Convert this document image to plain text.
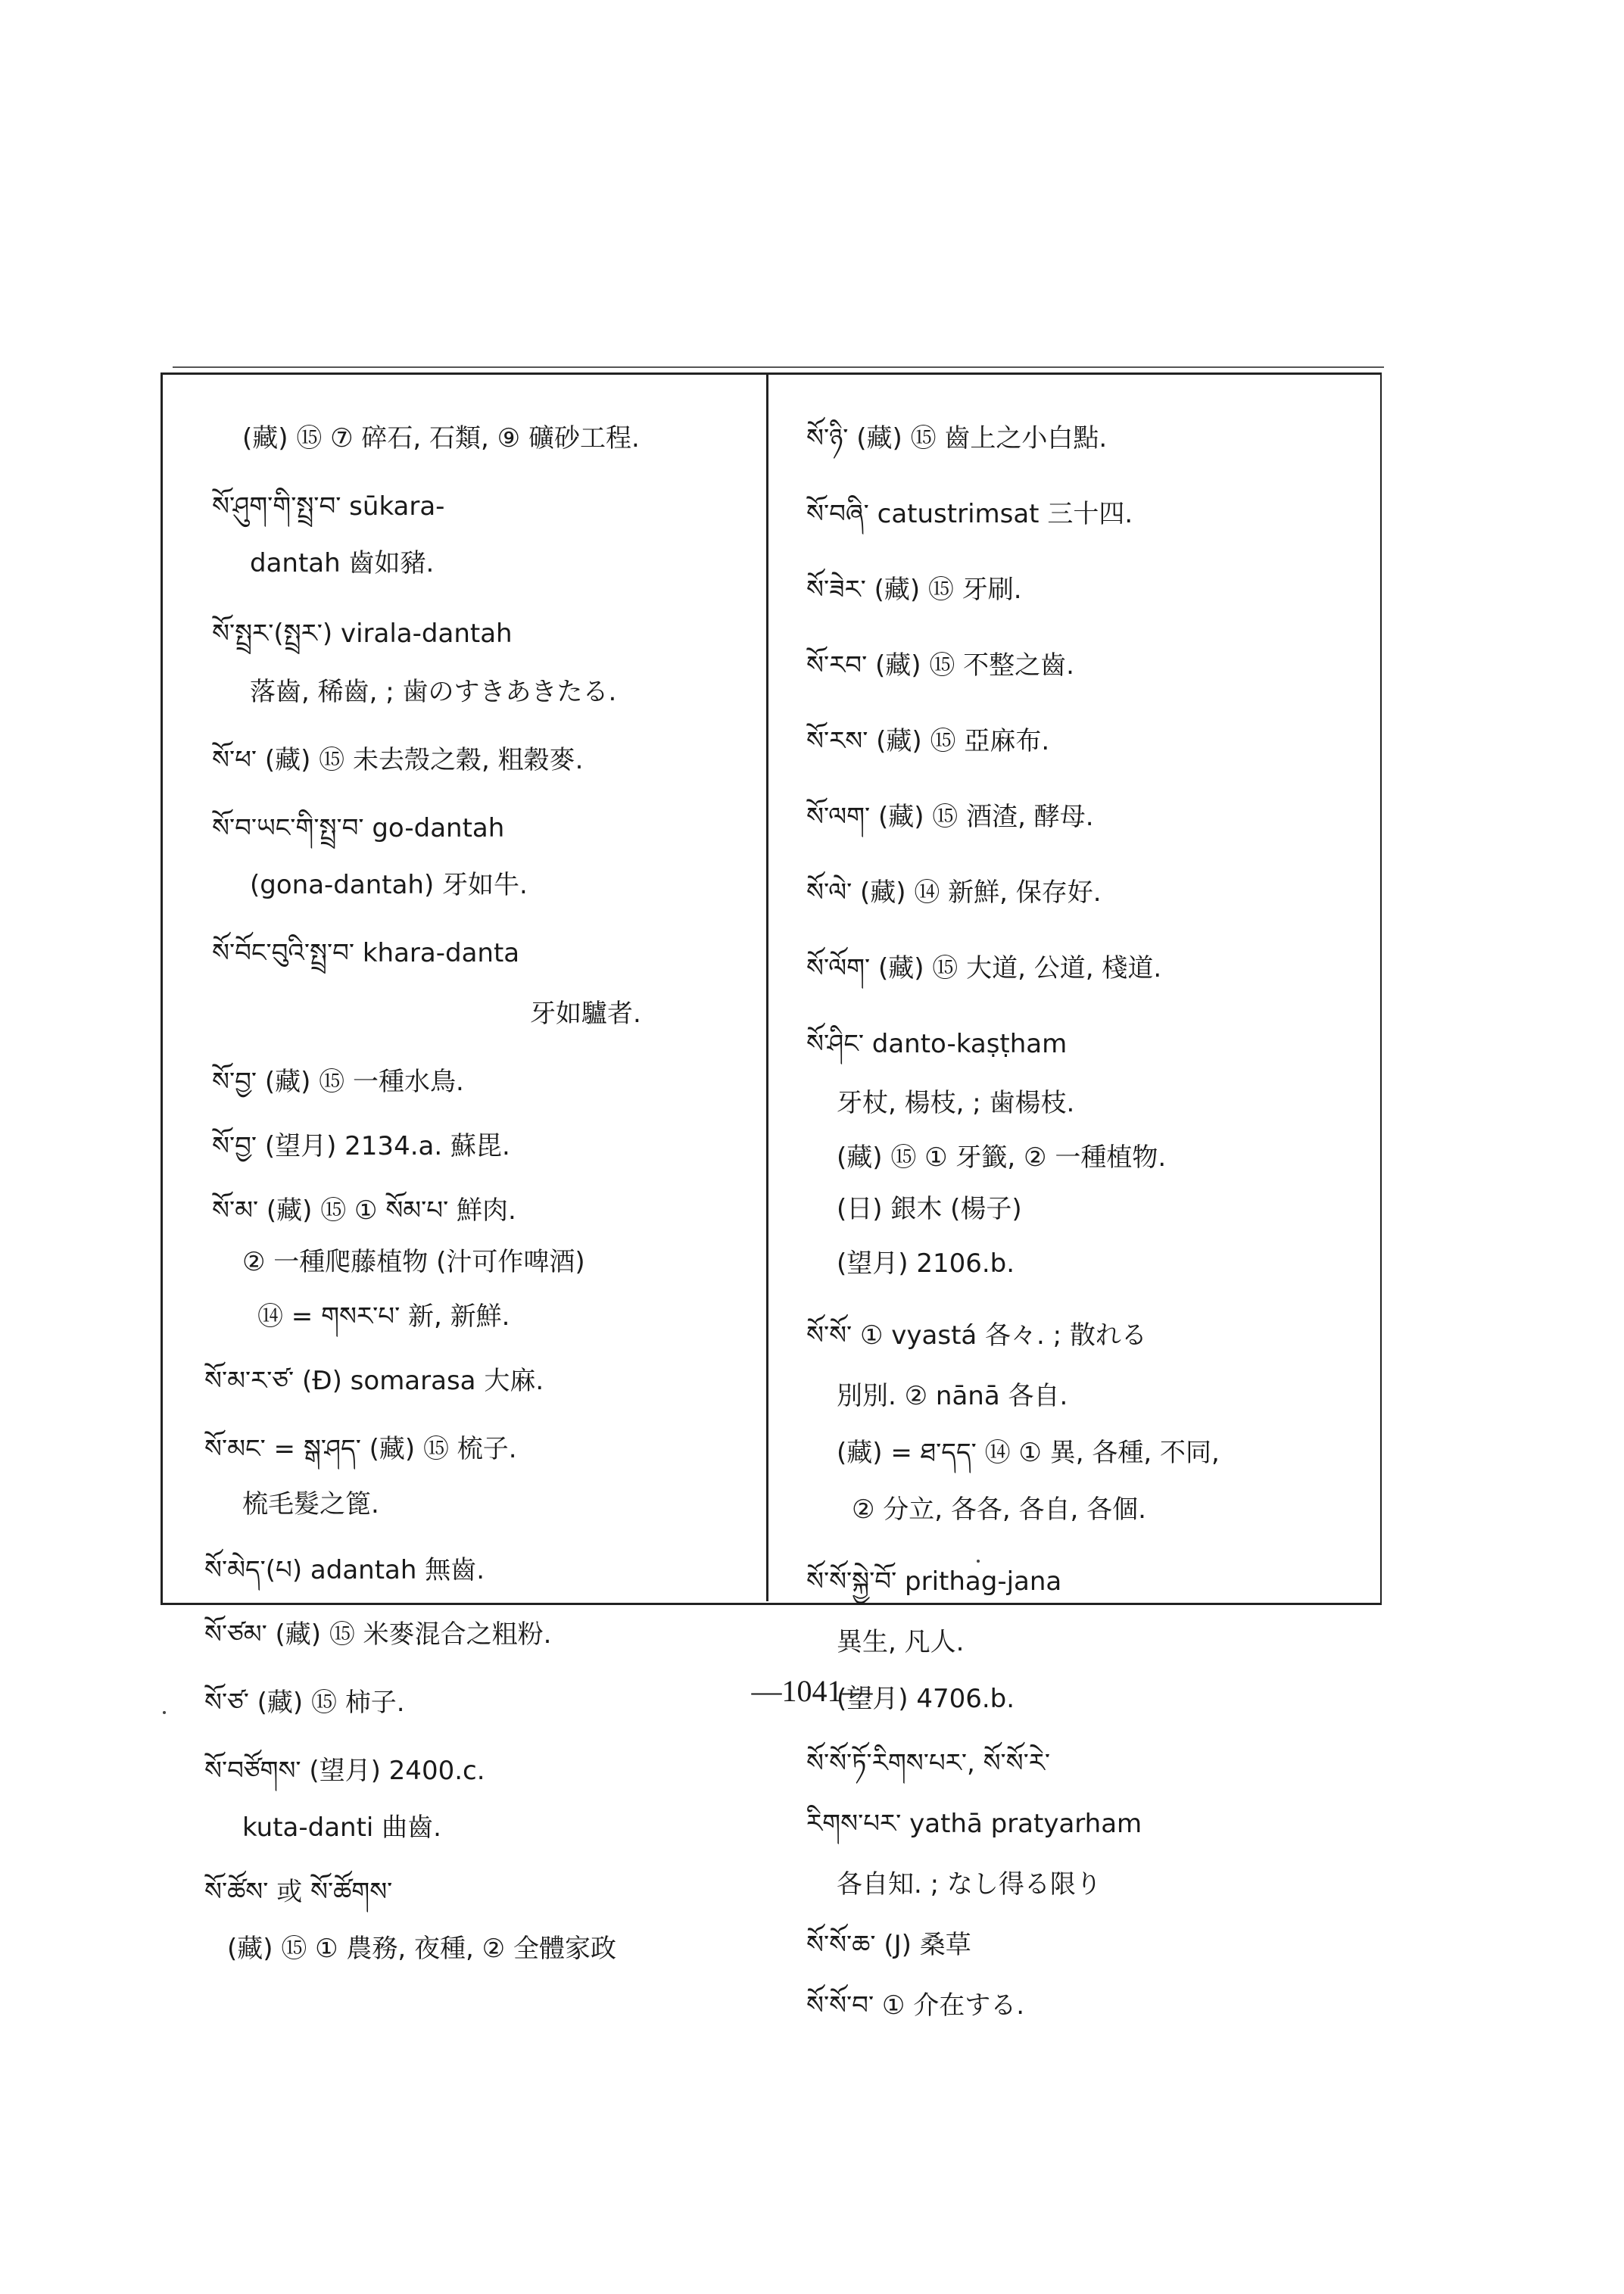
(藏) ⑮ ⑦ 碎石, 石類, ⑨ 礦砂工程.
སོ་ཤུག་གི་སྤྲ་བ་ sūkara-
dantah 齒如豬.
སོ་སྤྲར་(སྤྲར་) virala-dantah
落齒, 稀齒, ; 歯のすきあきたる.
སོ་ཕ་ (藏) ⑮ 未去殼之穀, 粗穀麥.
སོ་བ་ཡང་གི་སྤྲ་བ་ go-dantah
(gona-dantah) 牙如牛.
སོ་བོང་བུའི་སྤྲ་བ་ khara-danta
牙如驢者.
སོ་བྱ་ (藏) ⑮ 一種水鳥.
སོ་བྱ་ (望月) 2134.a. 蘇毘.
སོ་མ་ (藏) ⑮ ① སོམ་པ་ 鮮肉.
② 一種爬藤植物 (汁可作啤酒)
⑭ = གསར་པ་ 新, 新鮮.
སོ་མ་ར་ཙ་ (Ð) somarasa 大麻.
སོ་མང་ = སྒ་ཤད་ (藏) ⑮ 梳子.
梳毛髮之篦.
སོ་མེད་(པ) adantah 無齒.
སོ་ཙམ་ (藏) ⑮ 米麥混合之粗粉.
སོ་ཙ་ (藏) ⑮ 柿子.
སོ་བཙོགས་ (望月) 2400.c.
kuta-danti 曲齒.
སོ་ཚོས་ 或 སོ་ཚོགས་
(藏) ⑮ ① 農務, 夜種, ② 全體家政
སོ་ཉི་ (藏) ⑮ 齒上之小白點.
སོ་བཞི་ catustrimsat 三十四.
སོ་ཟེར་ (藏) ⑮ 牙刷.
སོ་རབ་ (藏) ⑮ 不整之齒.
སོ་རས་ (藏) ⑮ 亞麻布.
སོ་ལག་ (藏) ⑮ 酒渣, 酵母.
སོ་ལེ་ (藏) ⑭ 新鮮, 保存好.
སོ་ལོག་ (藏) ⑮ 大道, 公道, 棧道.
སོ་ཤིང་ danto-kaṣṭham
牙杖, 楊枝, ; 歯楊枝.
(藏) ⑮ ① 牙籤, ② 一種植物.
(日) 銀木 (楊子)
(望月) 2106.b.
སོ་སོ་ ① vyastá 各々. ; 散れる
別別. ② nānā 各自.
(藏) = ཐ་དད་ ⑭ ① 異, 各種, 不同,
② 分立, 各各, 各自, 各個.
སོ་སོ་སྐྱེ་བོ་ prithag-jana
異生, 凡人.
(望月) 4706.b.
སོ་སོ་ཏོ་རིགས་པར་, སོ་སོ་རེ་
རིགས་པར་ yathā pratyarham
各自知. ; なし得る限り
སོ་སོ་ཆ་ (J) 桑草
སོ་སོ་བ་ ① 介在する.
—1041—
